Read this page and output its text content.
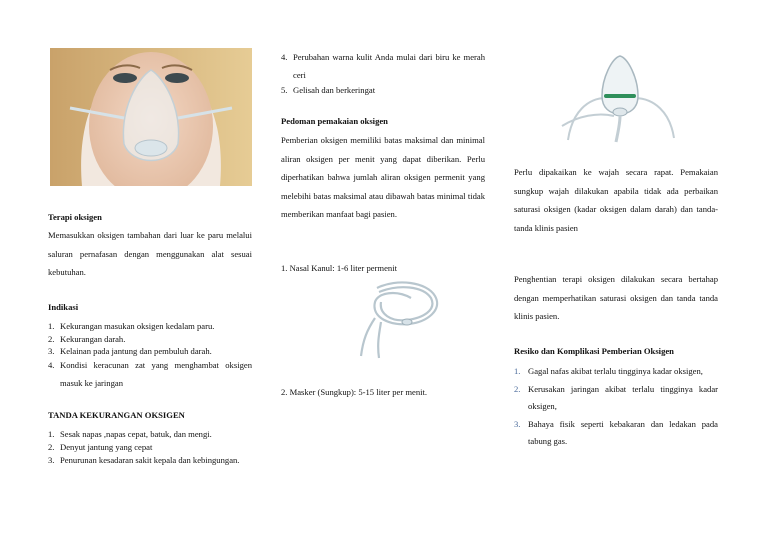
Terapi oksigen

Memasukkan oksigen tambahan dari luar ke paru melalui saluran pernafasan dengan menggunakan alat sesuai kebutuhan.

Indikasi
1. Kekurangan masukan oksigen kedalam paru.
2. Kekurangan darah.
3. Kelainan pada jantung dan pembuluh darah.
4. Kondisi keracunan zat yang menghambat oksigen masuk ke jaringan
TANDA KEKURANGAN OKSIGEN
1. Sesak napas ,napas cepat, batuk, dan mengi.
2. Denyut jantung yang cepat
3. Penurunan kesadaran sakit kepala dan kebingungan.
4. Perubahan warna kulit Anda mulai dari biru ke merah ceri
5. Gelisah dan berkeringat
Pedoman pemakaian oksigen

Pemberian oksigen memiliki batas maksimal dan minimal aliran oksigen per menit yang dapat diberikan. Perlu diperhatikan bahwa jumlah aliran oksigen permenit yang melebihi batas maksimal atau dibawah batas minimal tidak memberikan manfaat bagi pasien.

1. Nasal Kanul: 1-6 liter permenit
2. Masker (Sungkup): 5-15 liter per menit.

Perlu dipakaikan ke wajah secara rapat. Pemakaian sungkup wajah dilakukan apabila tidak ada perbaikan saturasi oksigen (kadar oksigen dalam darah) dan tanda-tanda klinis pasien

Penghentian terapi oksigen dilakukan secara bertahap dengan memperhatikan saturasi oksigen dan tanda tanda klinis pasien.

Resiko dan Komplikasi Pemberian Oksigen
1. Gagal nafas akibat terlalu tingginya kadar oksigen,
2. Kerusakan jaringan akibat terlalu tingginya kadar oksigen,
3. Bahaya fisik seperti kebakaran dan ledakan pada tabung gas.
